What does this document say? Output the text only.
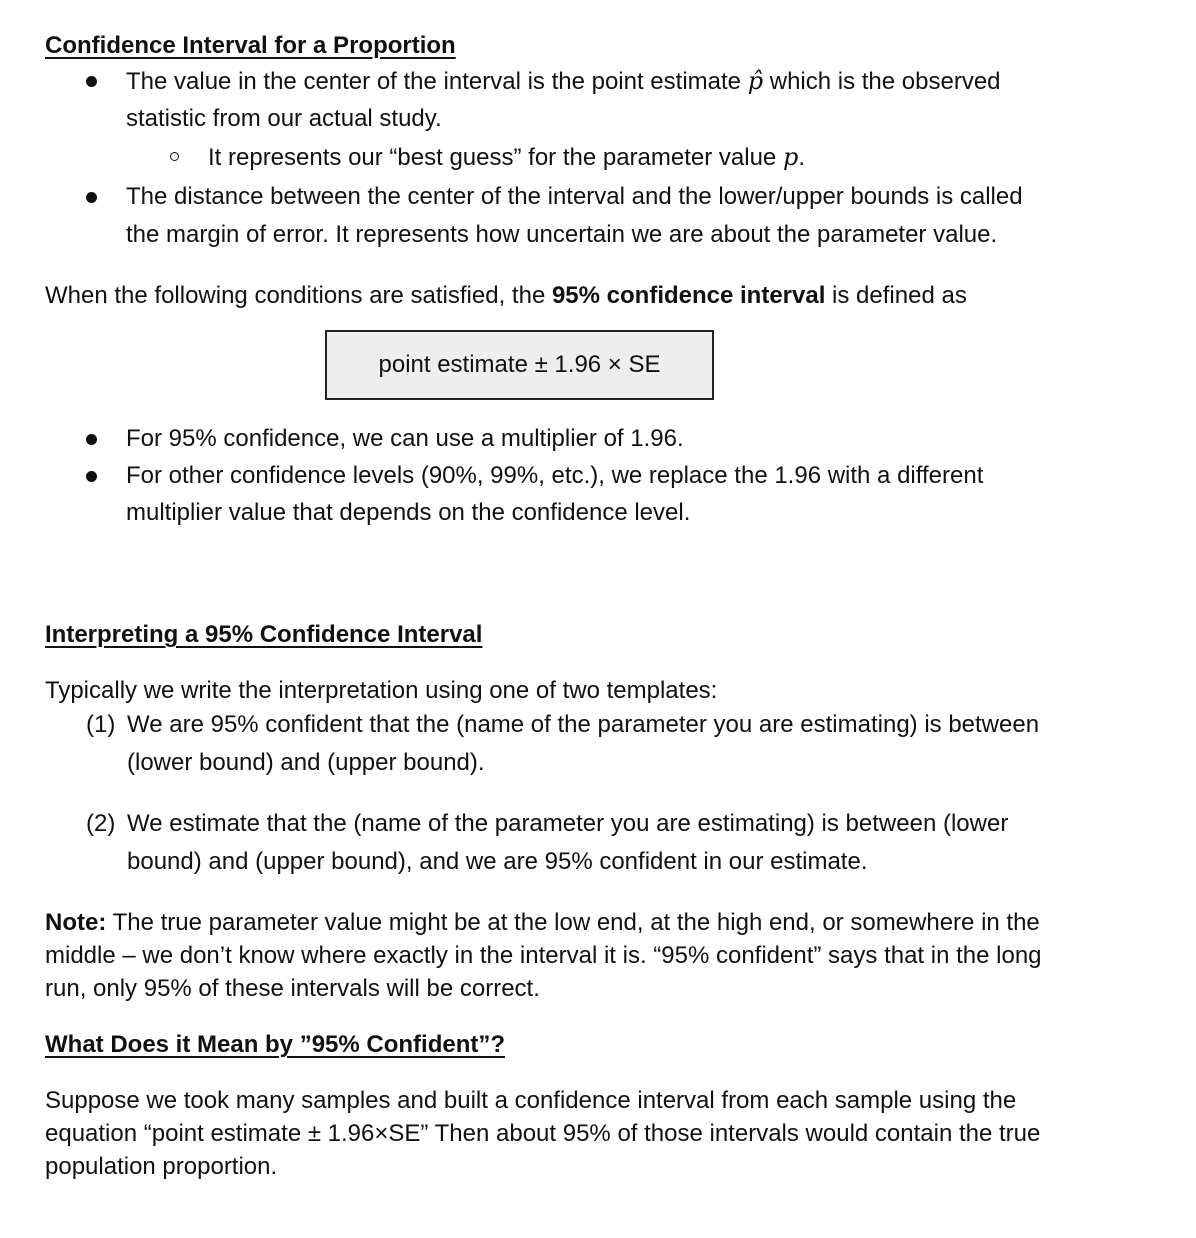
Confidence Interval for a Proportion
The value in the center of the interval is the point estimate p̂ which is the observed
statistic from our actual study.
It represents our “best guess” for the parameter value p.
The distance between the center of the interval and the lower/upper bounds is called
the margin of error. It represents how uncertain we are about the parameter value.
When the following conditions are satisfied, the 95% confidence interval is defined as
point estimate ± 1.96 × SE
For 95% confidence, we can use a multiplier of 1.96.
For other confidence levels (90%, 99%, etc.), we replace the 1.96 with a different
multiplier value that depends on the confidence level.
Interpreting a 95% Confidence Interval
Typically we write the interpretation using one of two templates:
(1) We are 95% confident that the (name of the parameter you are estimating) is between
(lower bound) and (upper bound).
(2) We estimate that the (name of the parameter you are estimating) is between (lower
bound) and (upper bound), and we are 95% confident in our estimate.
Note: The true parameter value might be at the low end, at the high end, or somewhere in the
middle – we don’t know where exactly in the interval it is. “95% confident” says that in the long
run, only 95% of these intervals will be correct.
What Does it Mean by ”95% Confident”?
Suppose we took many samples and built a confidence interval from each sample using the
equation “point estimate ± 1.96×SE” Then about 95% of those intervals would contain the true
population proportion.
